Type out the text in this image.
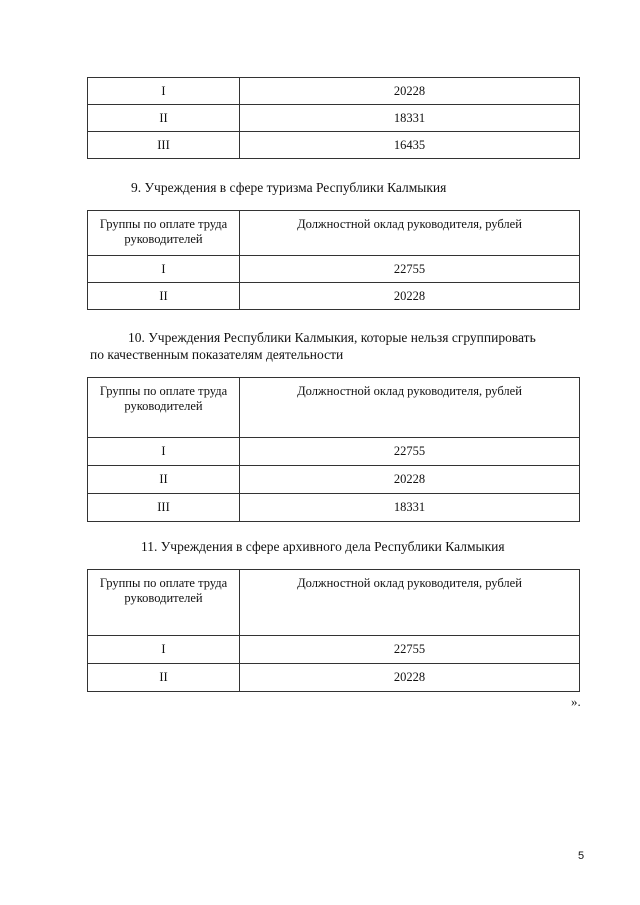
I	20228
II	18331
III	16435

9. Учреждения в сфере туризма Республики Калмыкия

Группы по оплате труда руководителей	Должностной оклад руководителя, рублей
I	22755
II	20228

10. Учреждения Республики Калмыкия, которые нельзя сгруппировать

по качественным показателям деятельности

Группы по оплате труда руководителей	Должностной оклад руководителя, рублей
I	22755
II	20228
III	18331

11. Учреждения в сфере архивного дела Республики Калмыкия

Группы по оплате труда руководителей	Должностной оклад руководителя, рублей
I	22755
II	20228
».
5
